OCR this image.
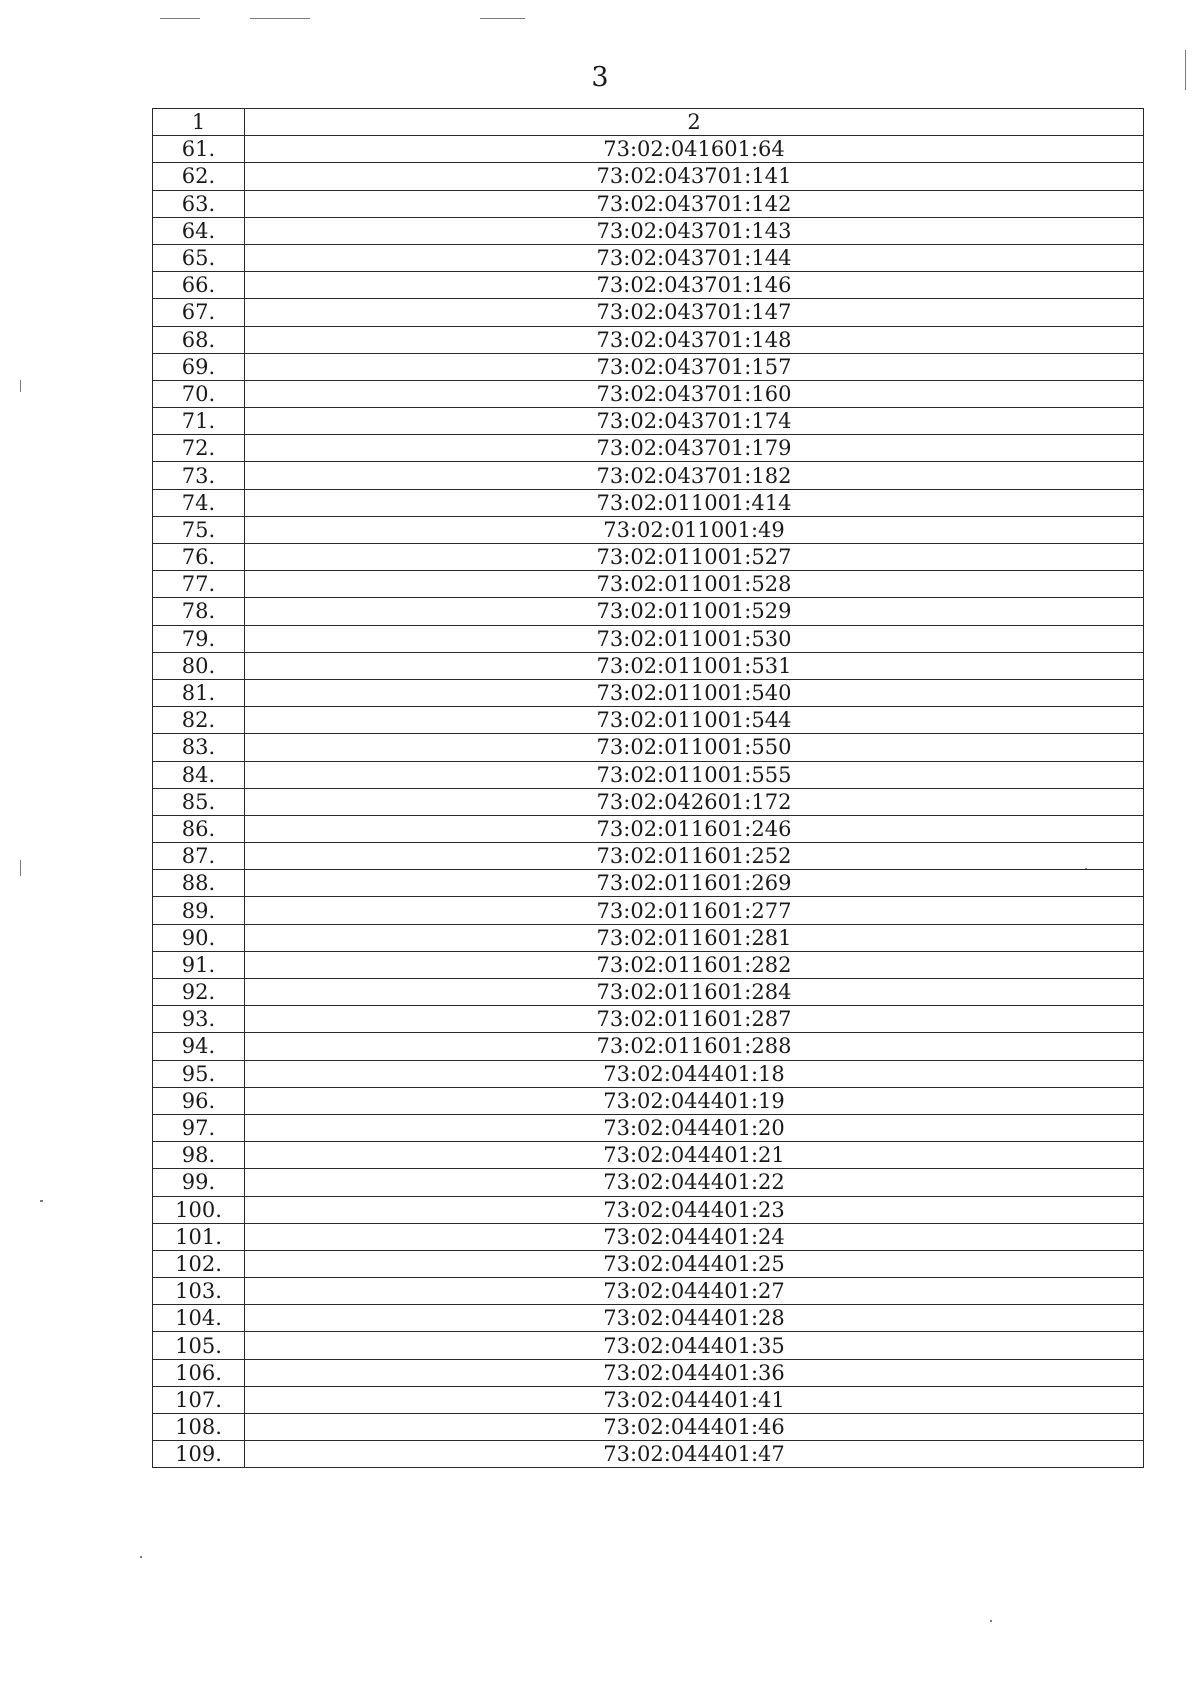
3
1	2
61.	73:02:041601:64
62.	73:02:043701:141
63.	73:02:043701:142
64.	73:02:043701:143
65.	73:02:043701:144
66.	73:02:043701:146
67.	73:02:043701:147
68.	73:02:043701:148
69.	73:02:043701:157
70.	73:02:043701:160
71.	73:02:043701:174
72.	73:02:043701:179
73.	73:02:043701:182
74.	73:02:011001:414
75.	73:02:011001:49
76.	73:02:011001:527
77.	73:02:011001:528
78.	73:02:011001:529
79.	73:02:011001:530
80.	73:02:011001:531
81.	73:02:011001:540
82.	73:02:011001:544
83.	73:02:011001:550
84.	73:02:011001:555
85.	73:02:042601:172
86.	73:02:011601:246
87.	73:02:011601:252
88.	73:02:011601:269
89.	73:02:011601:277
90.	73:02:011601:281
91.	73:02:011601:282
92.	73:02:011601:284
93.	73:02:011601:287
94.	73:02:011601:288
95.	73:02:044401:18
96.	73:02:044401:19
97.	73:02:044401:20
98.	73:02:044401:21
99.	73:02:044401:22
100.	73:02:044401:23
101.	73:02:044401:24
102.	73:02:044401:25
103.	73:02:044401:27
104.	73:02:044401:28
105.	73:02:044401:35
106.	73:02:044401:36
107.	73:02:044401:41
108.	73:02:044401:46
109.	73:02:044401:47
